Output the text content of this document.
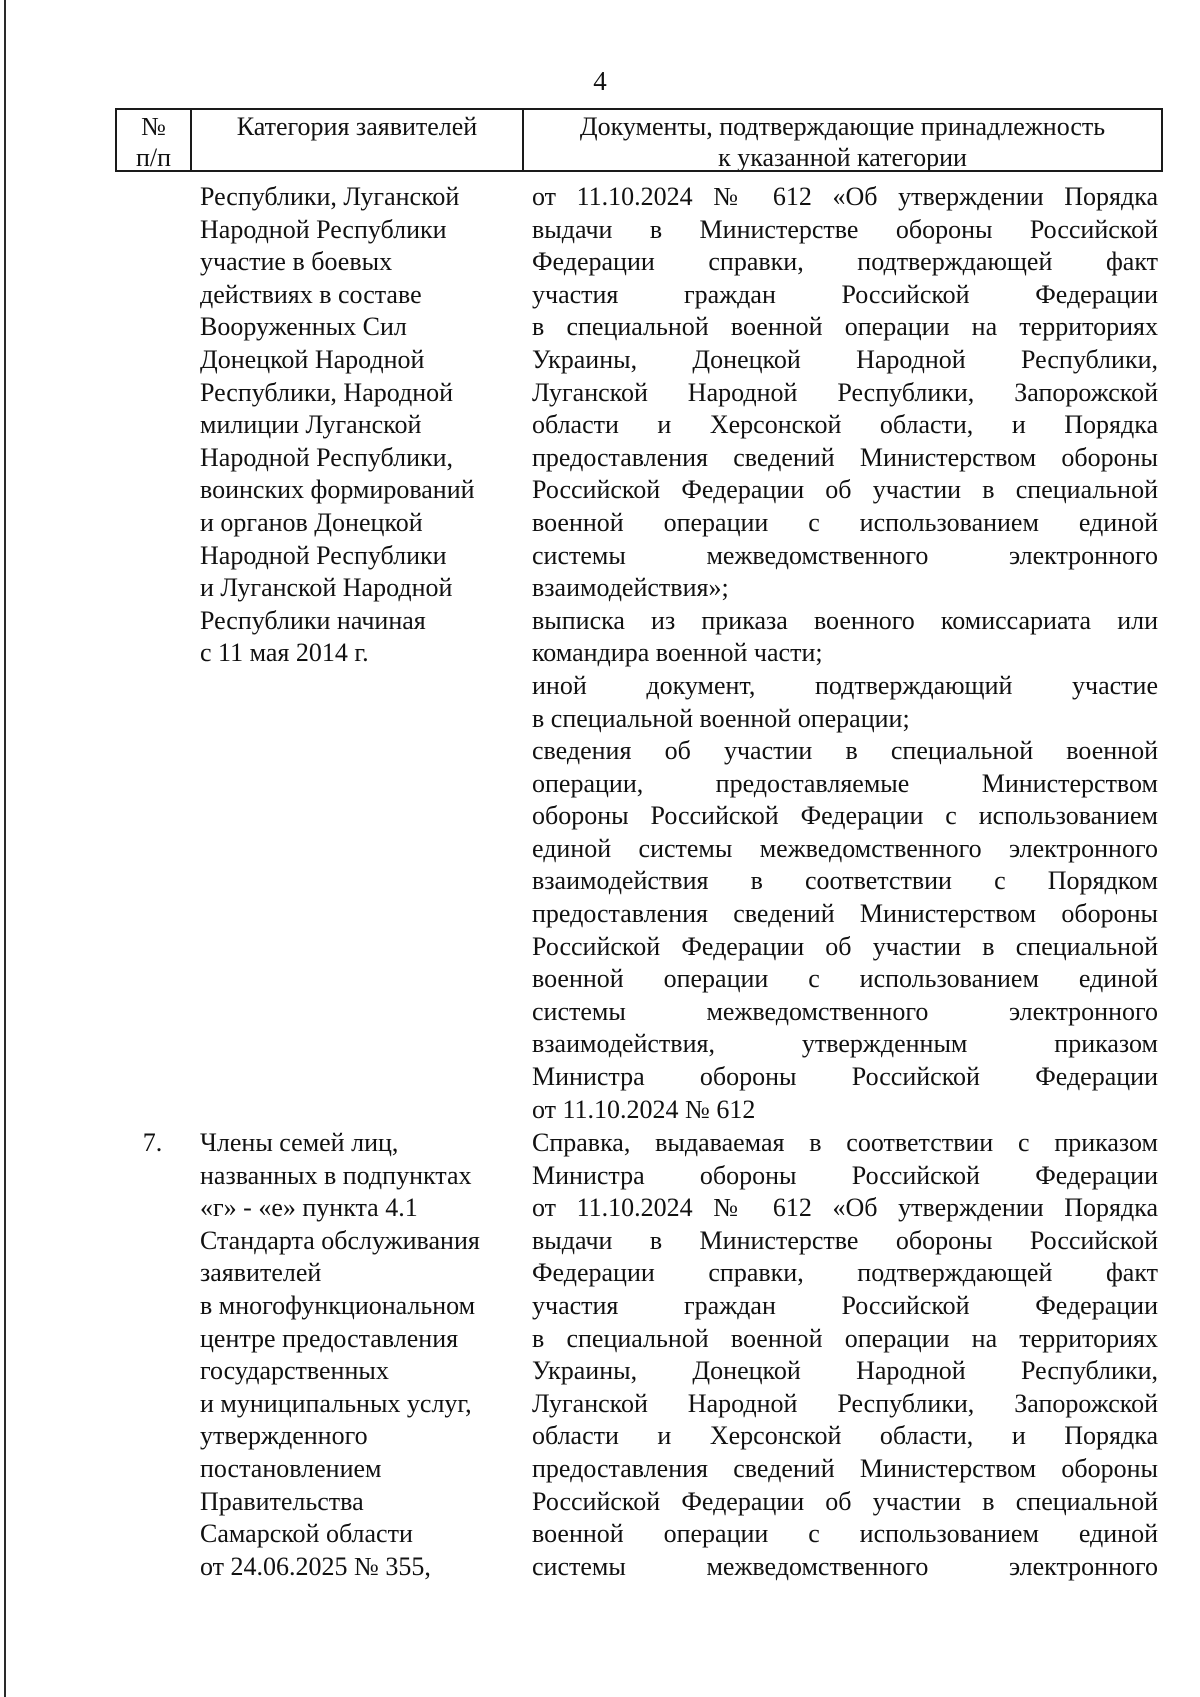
4
№
п/п
Категория заявителей	Документы, подтверждающие принадлежность
к указанной категории
Республики, Луганской
Народной Республики
участие в боевых
действиях в составе
Вооруженных Сил
Донецкой Народной
Республики, Народной
милиции Луганской
Народной Республики,
воинских формирований
и органов Донецкой
Народной Республики
и Луганской Народной
Республики начиная
с 11 мая 2014 г.
от 11.10.2024 № 612 «Об утверждении Порядка
выдачи в Министерстве обороны Российской
Федерации справки, подтверждающей факт
участия граждан Российской Федерации
в специальной военной операции на территориях
Украины, Донецкой Народной Республики,
Луганской Народной Республики, Запорожской
области и Херсонской области, и Порядка
предоставления сведений Министерством обороны
Российской Федерации об участии в специальной
военной операции с использованием единой
системы межведомственного электронного
взаимодействия»;
выписка из приказа военного комиссариата или
командира военной части;
иной документ, подтверждающий участие
в специальной военной операции;
сведения об участии в специальной военной
операции, предоставляемые Министерством
обороны Российской Федерации с использованием
единой системы межведомственного электронного
взаимодействия в соответствии с Порядком
предоставления сведений Министерством обороны
Российской Федерации об участии в специальной
военной операции с использованием единой
системы межведомственного электронного
взаимодействия, утвержденным приказом
Министра обороны Российской Федерации
от 11.10.2024 № 612
7.	Члены семей лиц,
названных в подпунктах
«г» - «е» пункта 4.1
Стандарта обслуживания
заявителей
в многофункциональном
центре предоставления
государственных
и муниципальных услуг,
утвержденного
постановлением
Правительства
Самарской области
от 24.06.2025 № 355,
Справка, выдаваемая в соответствии с приказом
Министра обороны Российской Федерации
от 11.10.2024 № 612 «Об утверждении Порядка
выдачи в Министерстве обороны Российской
Федерации справки, подтверждающей факт
участия граждан Российской Федерации
в специальной военной операции на территориях
Украины, Донецкой Народной Республики,
Луганской Народной Республики, Запорожской
области и Херсонской области, и Порядка
предоставления сведений Министерством обороны
Российской Федерации об участии в специальной
военной операции с использованием единой
системы межведомственного электронного
